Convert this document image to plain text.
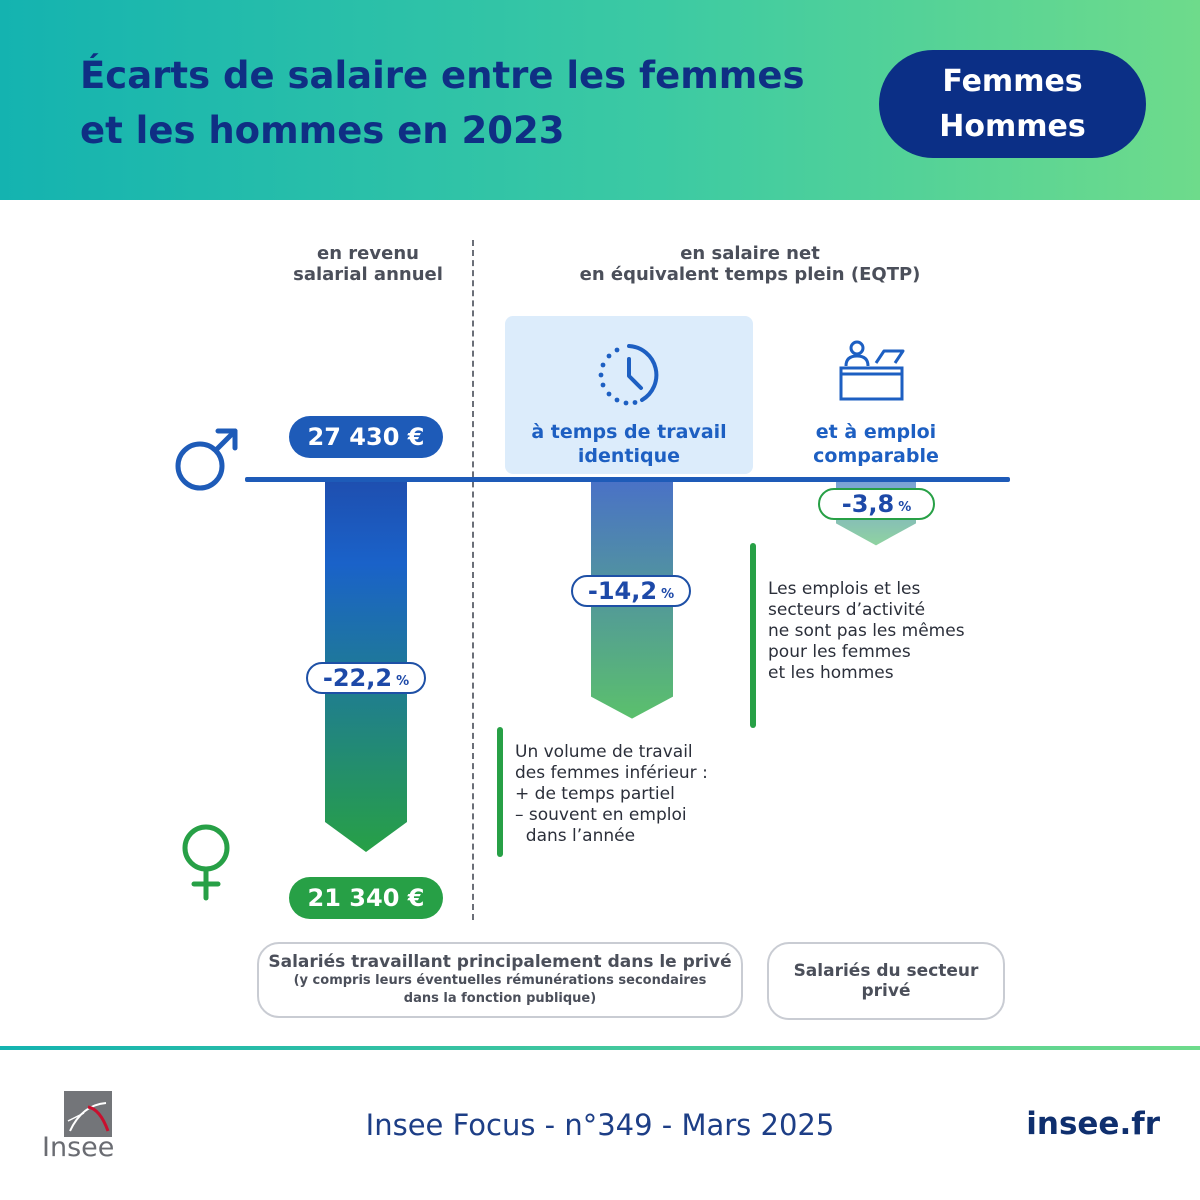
Écarts de salaire entre les femmes et les hommes en 2023
Femmes
Hommes
en revenu
salarial annuel
en salaire net
en équivalent temps plein (EQTP)
à temps de travail
identique
et à emploi
comparable
27 430 €
-22,2 %
-14,2 %
-3,8 %
Les emplois et les
secteurs d’activité
ne sont pas les mêmes
pour les femmes
et les hommes
Un volume de travail
des femmes inférieur :
+ de temps partiel
– souvent en emploi
dans l’année
21 340 €
Salariés travaillant principalement dans le privé
(y compris leurs éventuelles rémunérations secondaires
dans la fonction publique)
Salariés du secteur privé
Insee
Insee Focus - n°349 - Mars 2025	insee.fr
